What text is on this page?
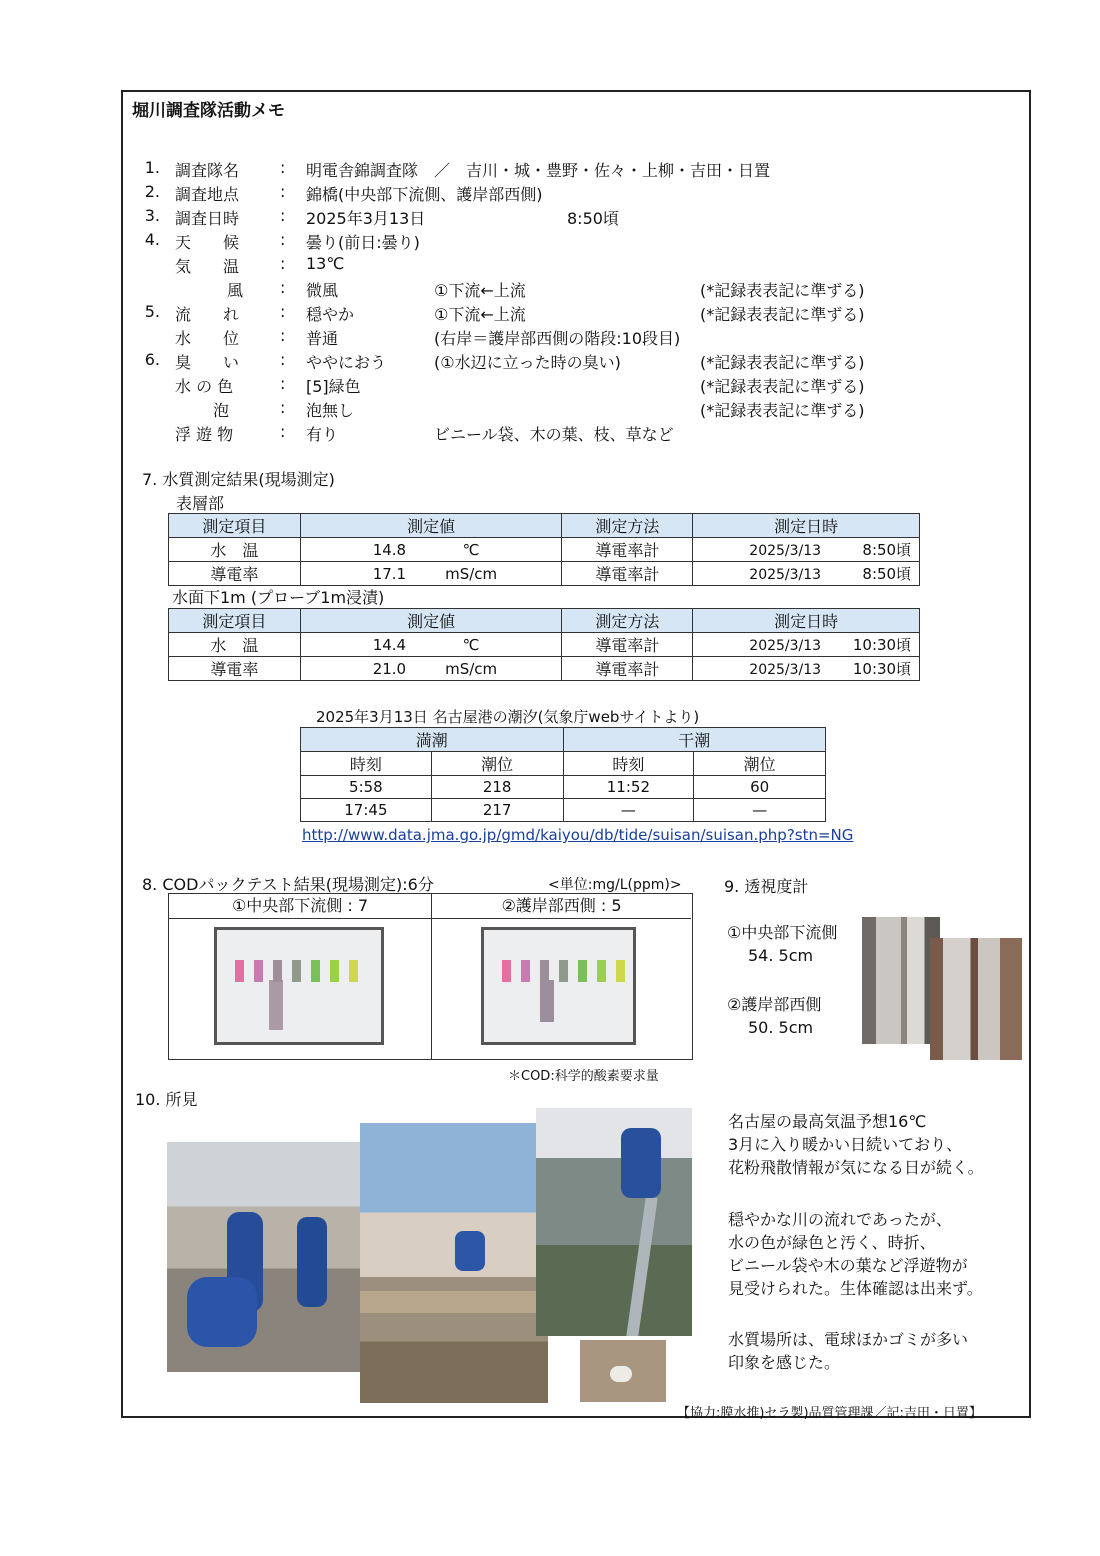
堀川調査隊活動メモ
1. 調査隊名	: 明電舎錦調査隊　／　吉川・城・豊野・佐々・上柳・吉田・日置
2. 調査地点	: 錦橋(中央部下流側、護岸部西側)
3. 調査日時	: 2025年3月13日	8:50頃
4. 天　　候	: 曇り(前日:曇り)
気　　温	: 13℃
風 : 微風	①下流←上流	(*記録表表記に準ずる)
5. 流　　れ	: 穏やか	①下流←上流	(*記録表表記に準ずる)
水　　位	: 普通	(右岸＝護岸部西側の階段:10段目)
6. 臭　　い	: ややにおう	(①水辺に立った時の臭い)	(*記録表表記に準ずる)
水 の 色	: [5]緑色	(*記録表表記に準ずる)
泡	: 泡無し	(*記録表表記に準ずる)
浮 遊 物	: 有り	ビニール袋、木の葉、枝、草など
7. 水質測定結果(現場測定)
表層部
測定項目	測定値	測定方法	測定日時
水　温	14.8 ℃	導電率計	2025/3/13 8:50頃
導電率	17.1 mS/cm	導電率計	2025/3/13 8:50頃
水面下1m (プローブ1m浸漬)
測定項目	測定値	測定方法	測定日時
水　温	14.4 ℃	導電率計	2025/3/13 10:30頃
導電率	21.0 mS/cm	導電率計	2025/3/13 10:30頃
2025年3月13日 名古屋港の潮汐(気象庁webサイトより)
満潮		干潮	
時刻	潮位	時刻	潮位
5:58	218	11:52	60
17:45	217	—	—
http://www.data.jma.go.jp/gmd/kaiyou/db/tide/suisan/suisan.php?stn=NG
8. CODパックテスト結果(現場測定):6分	<単位:mg/L(ppm)>
①中央部下流側 : 7	②護岸部西側 : 5
＊COD:科学的酸素要求量
9. 透視度計
①中央部下流側
54. 5cm
②護岸部西側
50. 5cm
10. 所見
名古屋の最高気温予想16℃
3月に入り暖かい日続いており、
花粉飛散情報が気になる日が続く。
穏やかな川の流れであったが、
水の色が緑色と汚く、時折、
ビニール袋や木の葉など浮遊物が
見受けられた。生体確認は出来ず。
水質場所は、電球ほかゴミが多い
印象を感じた。
【協力:膜水推)セラ製)品質管理課／記:吉田・日置】
